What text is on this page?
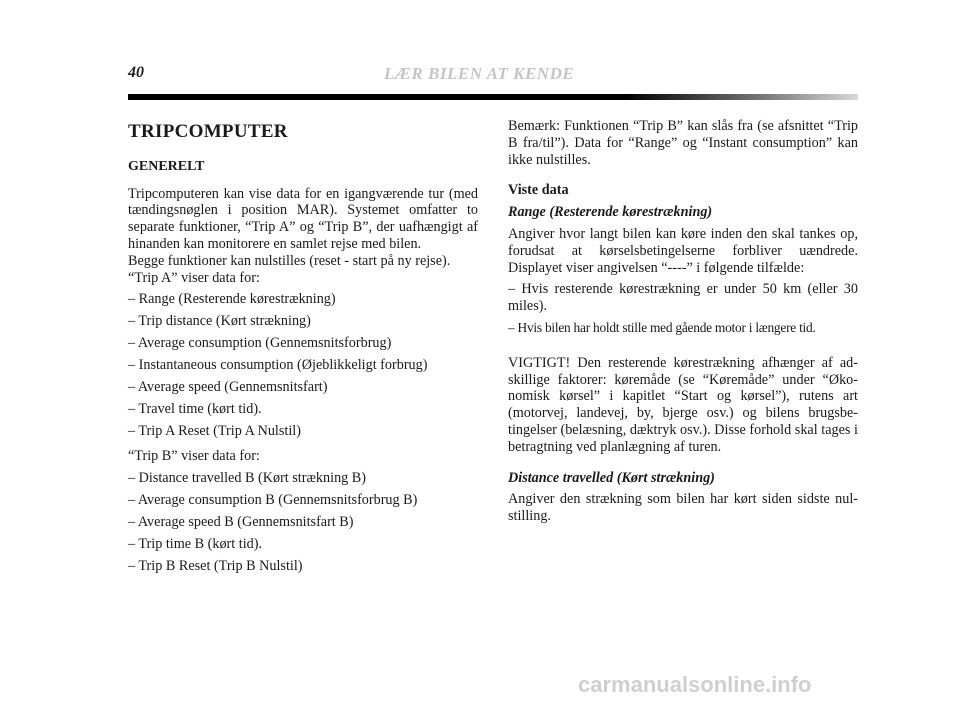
40	LÆR BILEN AT KENDE
TRIPCOMPUTER
GENERELT
Tripcomputeren kan vise data for en igangværende tur (med tændingsnøglen i position MAR). Systemet omfatter to separate funktioner, “Trip A” og “Trip B”, der uafhængigt af hinanden kan monitorere en samlet rejse med bilen.
Begge funktioner kan nulstilles (reset - start på ny rejse).
“Trip A” viser data for:
– Range (Resterende kørestrækning)
– Trip distance (Kørt strækning)
– Average consumption (Gennemsnitsforbrug)
– Instantaneous consumption (Øjeblikkeligt forbrug)
– Average speed (Gennemsnitsfart)
– Travel time (kørt tid).
– Trip A Reset (Trip A Nulstil)
“Trip B” viser data for:
– Distance travelled B (Kørt strækning B)
– Average consumption B (Gennemsnitsforbrug B)
– Average speed B (Gennemsnitsfart B)
– Trip time B (kørt tid).
– Trip B Reset (Trip B Nulstil)
Bemærk: Funktionen “Trip B” kan slås fra (se afsnittet “Trip B fra/til”). Data for “Range” og “Instant consumption” kan ikke nulstilles.
Viste data
Range (Resterende kørestrækning)
Angiver hvor langt bilen kan køre inden den skal tankes op, forudsat at kørselsbetingelserne forbliver uændrede. Displayet viser angivelsen “----” i følgende tilfælde:
– Hvis resterende kørestrækning er under 50 km (eller 30 miles).
– Hvis bilen har holdt stille med gående motor i længere tid.
VIGTIGT! Den resterende kørestrækning afhænger af adskillige faktorer: køremåde (se “Køremåde” under “Økonomisk kørsel” i kapitlet “Start og kørsel”), rutens art (motorvej, landevej, by, bjerge osv.) og bilens brugsbetingelser (belæsning, dæktryk osv.). Disse forhold skal tages i betragtning ved planlægning af turen.
Distance travelled (Kørt strækning)
Angiver den strækning som bilen har kørt siden sidste nulstilling.
carmanualsonline.info
